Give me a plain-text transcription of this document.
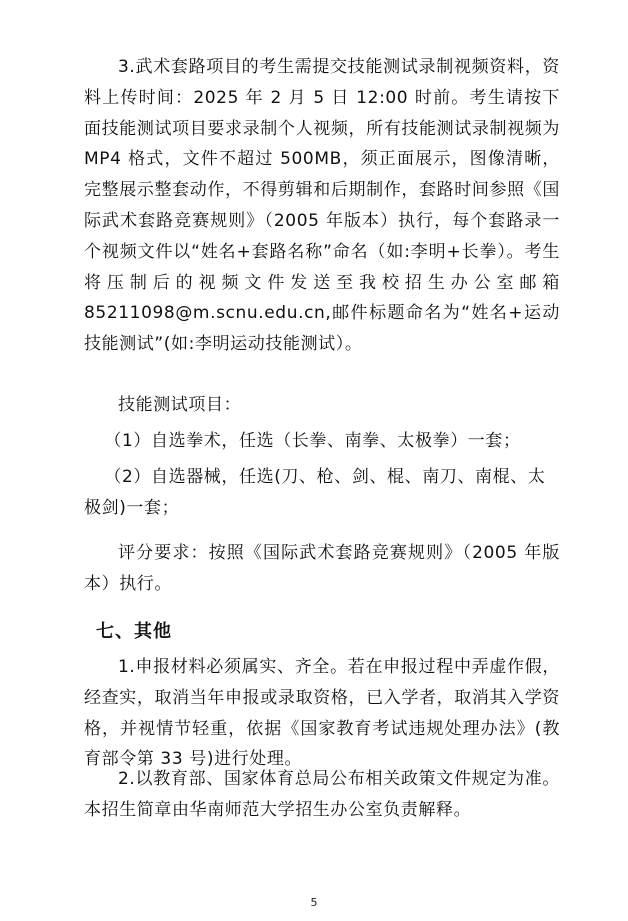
3.武术套路项目的考生需提交技能测试录制视频资料，资料上传时间：2025 年 2 月 5 日 12:00 时前。考生请按下面技能测试项目要求录制个人视频，所有技能测试录制视频为 MP4 格式，文件不超过 500MB，须正面展示，图像清晰，完整展示整套动作，不得剪辑和后期制作，套路时间参照《国际武术套路竞赛规则》（2005 年版本）执行，每个套路录一个视频文件以“姓名+套路名称”命名（如:李明+长拳）。考生将压制后的视频文件发送至我校招生办公室邮箱 85211098@m.scnu.edu.cn,邮件标题命名为“姓名+运动技能测试”(如:李明运动技能测试）。

技能测试项目：

（1）自选拳术，任选（长拳、南拳、太极拳）一套；

（2）自选器械，任选(刀、枪、剑、棍、南刀、南棍、太极剑)一套；

评分要求：按照《国际武术套路竞赛规则》（2005 年版本）执行。

七、其他

1.申报材料必须属实、齐全。若在申报过程中弄虚作假，经查实，取消当年申报或录取资格，已入学者，取消其入学资格，并视情节轻重，依据《国家教育考试违规处理办法》(教育部令第 33 号)进行处理。

2.以教育部、国家体育总局公布相关政策文件规定为准。本招生简章由华南师范大学招生办公室负责解释。

5
